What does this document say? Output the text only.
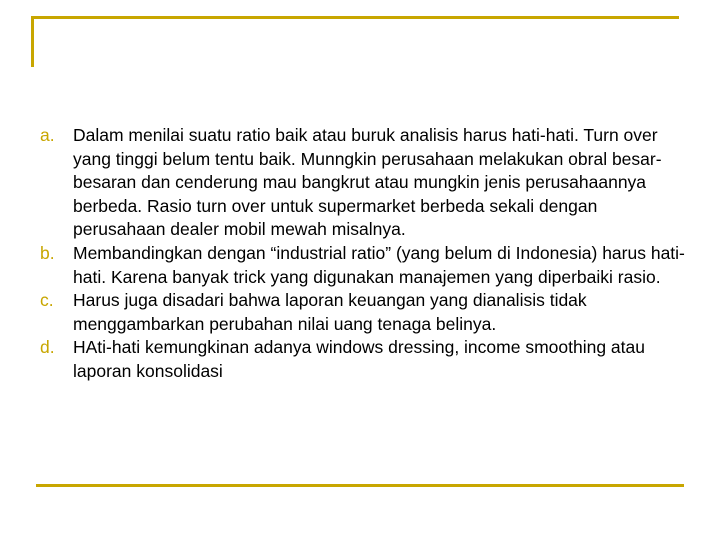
a. Dalam menilai suatu ratio baik atau buruk analisis harus hati-hati. Turn over yang tinggi belum tentu baik. Munngkin perusahaan melakukan obral besar-besaran dan cenderung mau bangkrut atau mungkin jenis perusahaannya berbeda. Rasio turn over untuk supermarket berbeda sekali dengan perusahaan dealer mobil mewah misalnya.
b. Membandingkan dengan “industrial ratio” (yang belum di Indonesia) harus hati-hati. Karena banyak trick yang digunakan manajemen yang diperbaiki rasio.
c. Harus juga disadari bahwa laporan keuangan yang dianalisis tidak menggambarkan perubahan nilai uang tenaga belinya.
d. HAti-hati kemungkinan adanya windows dressing, income smoothing atau laporan konsolidasi
